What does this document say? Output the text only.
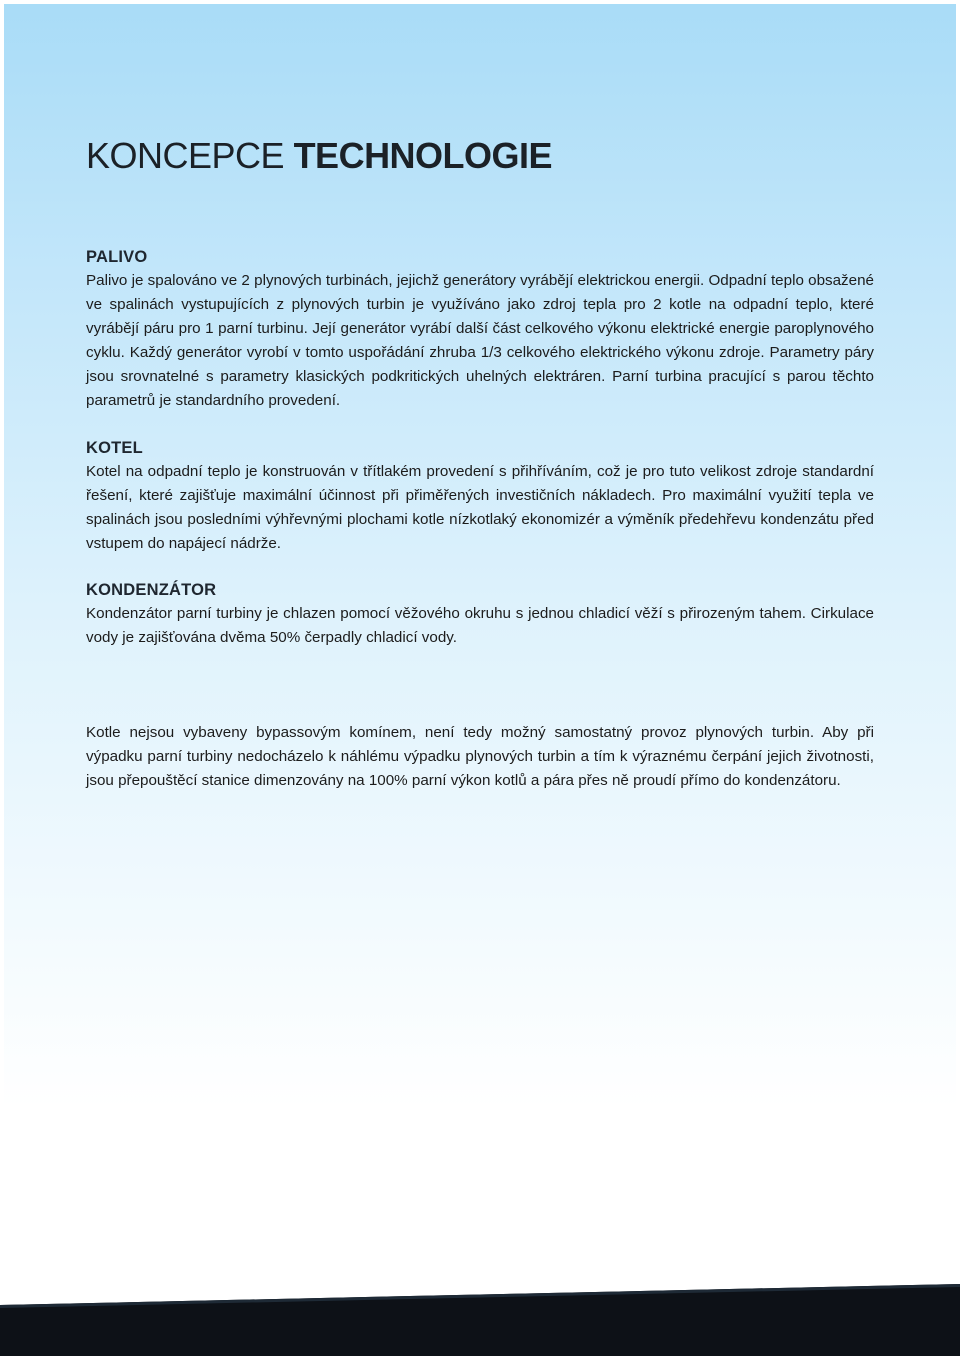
KONCEPCE TECHNOLOGIE
PALIVO

Palivo je spalováno ve 2 plynových turbinách, jejichž generátory vyrábějí elektrickou energii. Odpadní teplo obsažené ve spalinách vystupujících z plynových turbin je využíváno jako zdroj tepla pro 2 kotle na odpadní teplo, které vyrábějí páru pro 1 parní turbinu. Její generátor vyrábí další část celkového výkonu elektrické energie paroplynového cyklu. Každý generátor vyrobí v tomto uspořádání zhruba 1/3 celkového elektrického výkonu zdroje. Parametry páry jsou srovnatelné s parametry klasických podkritických uhelných elektráren. Parní turbina pracující s parou těchto parametrů je standardního provedení.

KOTEL

Kotel na odpadní teplo je konstruován v třítlakém provedení s přihříváním, což je pro tuto velikost zdroje standardní řešení, které zajišťuje maximální účinnost při přiměřených investičních nákladech. Pro maximální využití tepla ve spalinách jsou posledními výhřevnými plochami kotle nízkotlaký ekonomizér a výměník předehřevu kondenzátu před vstupem do napájecí nádrže.

KONDENZÁTOR

Kondenzátor parní turbiny je chlazen pomocí věžového okruhu s jednou chladicí věží s přirozeným tahem. Cirkulace vody je zajišťována dvěma 50% čerpadly chladicí vody.

Kotle nejsou vybaveny bypassovým komínem, není tedy možný samostatný provoz plynových turbin. Aby při výpadku parní turbiny nedocházelo k náhlému výpadku plynových turbin a tím k výraznému čerpání jejich životnosti, jsou přepouštěcí stanice dimenzovány na 100% parní výkon kotlů a pára přes ně proudí přímo do kondenzátoru.
